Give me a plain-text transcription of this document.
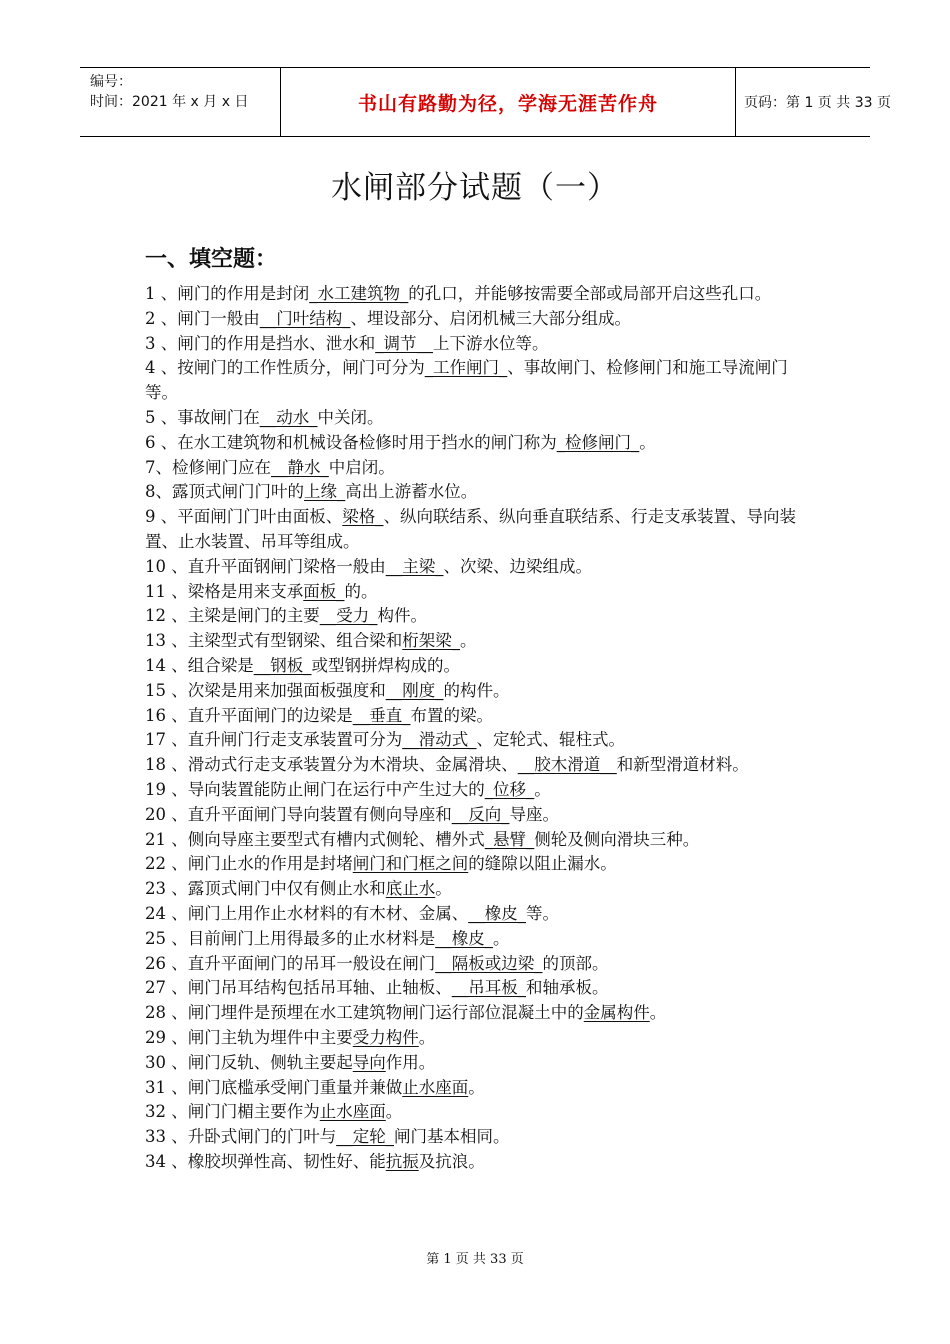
编号：
时间：2021 年 x 月 x 日	书山有路勤为径，学海无涯苦作舟	页码：第 1 页 共 33 页
水闸部分试题（一）
一、填空题：

1 、闸门的作用是封闭_水工建筑物_的孔口，并能够按需要全部或局部开启这些孔口。

2 、闸门一般由__门叶结构_、埋设部分、启闭机械三大部分组成。

3 、闸门的作用是挡水、泄水和_调节__上下游水位等。

4 、按闸门的工作性质分，闸门可分为_工作闸门_、事故闸门、检修闸门和施工导流闸门等。

5 、事故闸门在__动水_中关闭。

6 、在水工建筑物和机械设备检修时用于挡水的闸门称为_检修闸门_。

7、检修闸门应在__静水_中启闭。

8、露顶式闸门门叶的上缘_高出上游蓄水位。

9 、平面闸门门叶由面板、梁格_、纵向联结系、纵向垂直联结系、行走支承装置、导向装置、止水装置、吊耳等组成。

10 、直升平面钢闸门梁格一般由__主梁_、次梁、边梁组成。

11 、梁格是用来支承面板_的。

12 、主梁是闸门的主要__受力_构件。

13 、主梁型式有型钢梁、组合梁和桁架梁_。

14 、组合梁是__钢板_或型钢拼焊构成的。

15 、次梁是用来加强面板强度和__刚度_的构件。

16 、直升平面闸门的边梁是__垂直_布置的梁。

17 、直升闸门行走支承装置可分为__滑动式_、定轮式、辊柱式。

18 、滑动式行走支承装置分为木滑块、金属滑块、__胶木滑道__和新型滑道材料。

19 、导向装置能防止闸门在运行中产生过大的_位移_。

20 、直升平面闸门导向装置有侧向导座和__反向_导座。

21 、侧向导座主要型式有槽内式侧轮、槽外式_悬臂_侧轮及侧向滑块三种。

22 、闸门止水的作用是封堵闸门和门框之间的缝隙以阻止漏水。

23 、露顶式闸门中仅有侧止水和底止水。

24 、闸门上用作止水材料的有木材、金属、__橡皮_等。

25 、目前闸门上用得最多的止水材料是__橡皮_。

26 、直升平面闸门的吊耳一般设在闸门__隔板或边梁_的顶部。

27 、闸门吊耳结构包括吊耳轴、止轴板、__吊耳板_和轴承板。

28 、闸门埋件是预埋在水工建筑物闸门运行部位混凝土中的金属构件。

29 、闸门主轨为埋件中主要受力构件。

30 、闸门反轨、侧轨主要起导向作用。

31 、闸门底槛承受闸门重量并兼做止水座面。

32 、闸门门楣主要作为止水座面。

33 、升卧式闸门的门叶与__定轮_闸门基本相同。

34 、橡胶坝弹性高、韧性好、能抗振及抗浪。

第 1 页 共 33 页
